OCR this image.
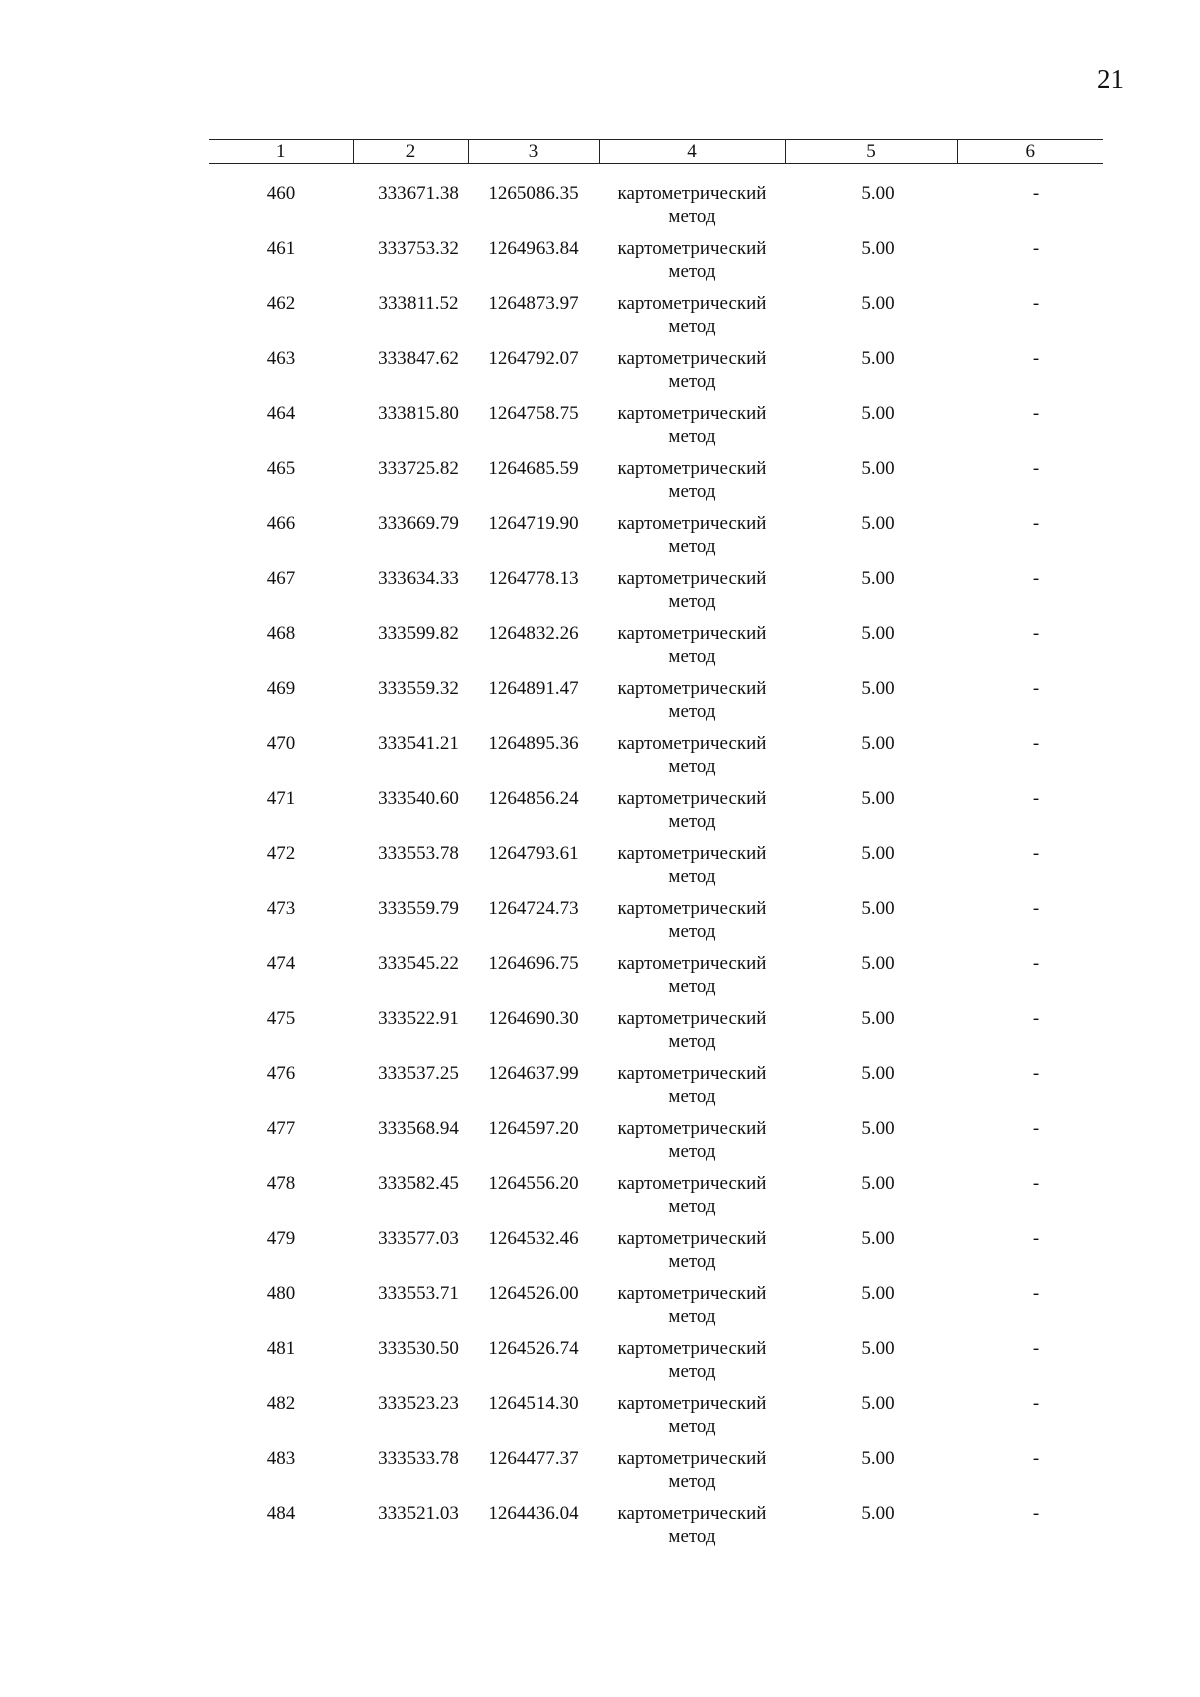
21
1	2	3	4	5	6

460	333671.38	1265086.35	картометрический
метод	5.00	-
461	333753.32	1264963.84	картометрический
метод	5.00	-
462	333811.52	1264873.97	картометрический
метод	5.00	-
463	333847.62	1264792.07	картометрический
метод	5.00	-
464	333815.80	1264758.75	картометрический
метод	5.00	-
465	333725.82	1264685.59	картометрический
метод	5.00	-
466	333669.79	1264719.90	картометрический
метод	5.00	-
467	333634.33	1264778.13	картометрический
метод	5.00	-
468	333599.82	1264832.26	картометрический
метод	5.00	-
469	333559.32	1264891.47	картометрический
метод	5.00	-
470	333541.21	1264895.36	картометрический
метод	5.00	-
471	333540.60	1264856.24	картометрический
метод	5.00	-
472	333553.78	1264793.61	картометрический
метод	5.00	-
473	333559.79	1264724.73	картометрический
метод	5.00	-
474	333545.22	1264696.75	картометрический
метод	5.00	-
475	333522.91	1264690.30	картометрический
метод	5.00	-
476	333537.25	1264637.99	картометрический
метод	5.00	-
477	333568.94	1264597.20	картометрический
метод	5.00	-
478	333582.45	1264556.20	картометрический
метод	5.00	-
479	333577.03	1264532.46	картометрический
метод	5.00	-
480	333553.71	1264526.00	картометрический
метод	5.00	-
481	333530.50	1264526.74	картометрический
метод	5.00	-
482	333523.23	1264514.30	картометрический
метод	5.00	-
483	333533.78	1264477.37	картометрический
метод	5.00	-
484	333521.03	1264436.04	картометрический
метод	5.00	-
